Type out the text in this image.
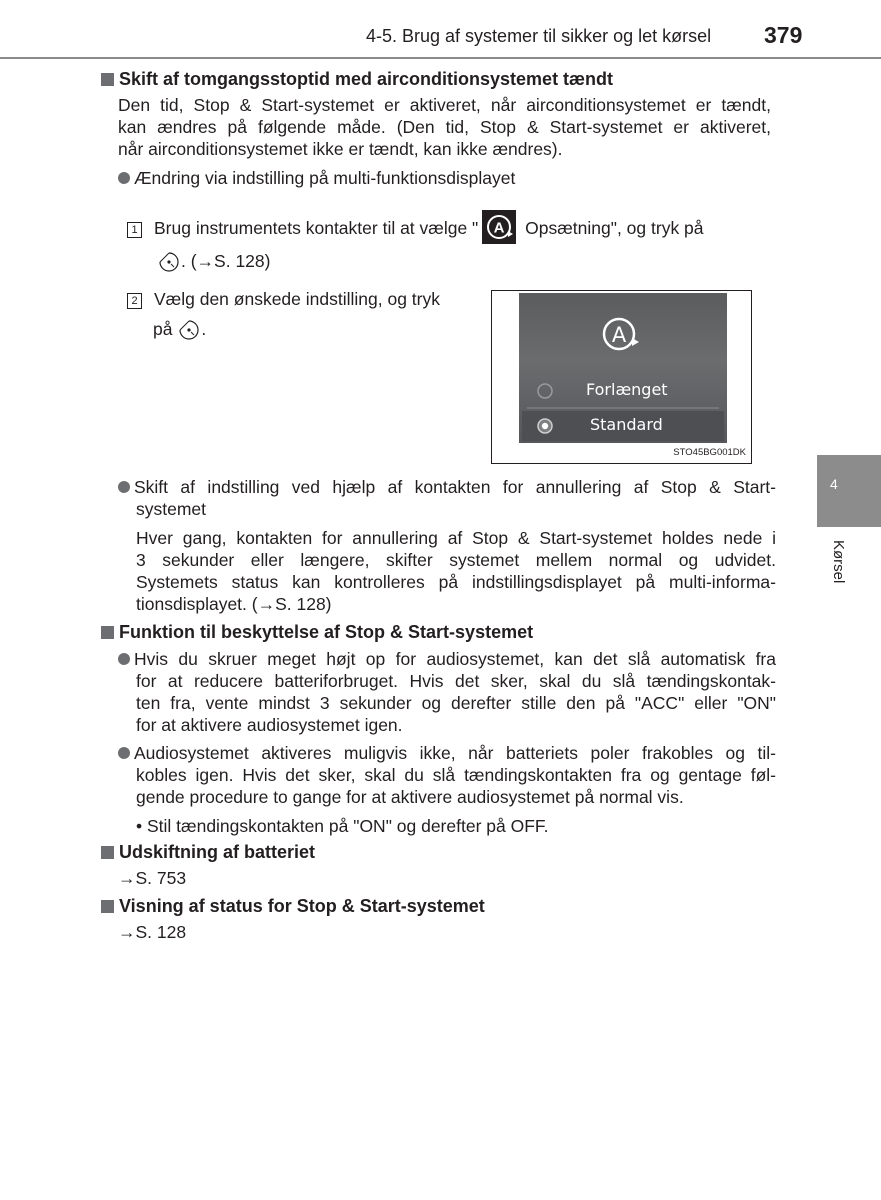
4-5. Brug af systemer til sikker og let kørsel 379
4
Kørsel
Skift af tomgangsstoptid med airconditionsystemet tændt
Den tid, Stop & Start-systemet er aktiveret, når airconditionsystemet er tændt,
kan ændres på følgende måde. (Den tid, Stop & Start-systemet er aktiveret,
når airconditionsystemet ikke er tændt, kan ikke ændres).
Ændring via indstilling på multi-funktionsdisplayet
1 Brug instrumentets kontakter til at vælge " A Opsætning", og tryk på
. (→S. 128)
2 Vælg den ønskede indstilling, og tryk
på .	A
Forlænget
Standard
STO45BG001DK
Skift af indstilling ved hjælp af kontakten for annullering af Stop & Start-
systemet
Hver gang, kontakten for annullering af Stop & Start-systemet holdes nede i
3 sekunder eller længere, skifter systemet mellem normal og udvidet.
Systemets status kan kontrolleres på indstillingsdisplayet på multi-informa-
tionsdisplayet. (→S. 128)
Funktion til beskyttelse af Stop & Start-systemet
Hvis du skruer meget højt op for audiosystemet, kan det slå automatisk fra
for at reducere batteriforbruget. Hvis det sker, skal du slå tændingskontak-
ten fra, vente mindst 3 sekunder og derefter stille den på "ACC" eller "ON"
for at aktivere audiosystemet igen.
Audiosystemet aktiveres muligvis ikke, når batteriets poler frakobles og til-
kobles igen. Hvis det sker, skal du slå tændingskontakten fra og gentage føl-
gende procedure to gange for at aktivere audiosystemet på normal vis.
• Stil tændingskontakten på "ON" og derefter på OFF.
Udskiftning af batteriet
→S. 753
Visning af status for Stop & Start-systemet
→S. 128
